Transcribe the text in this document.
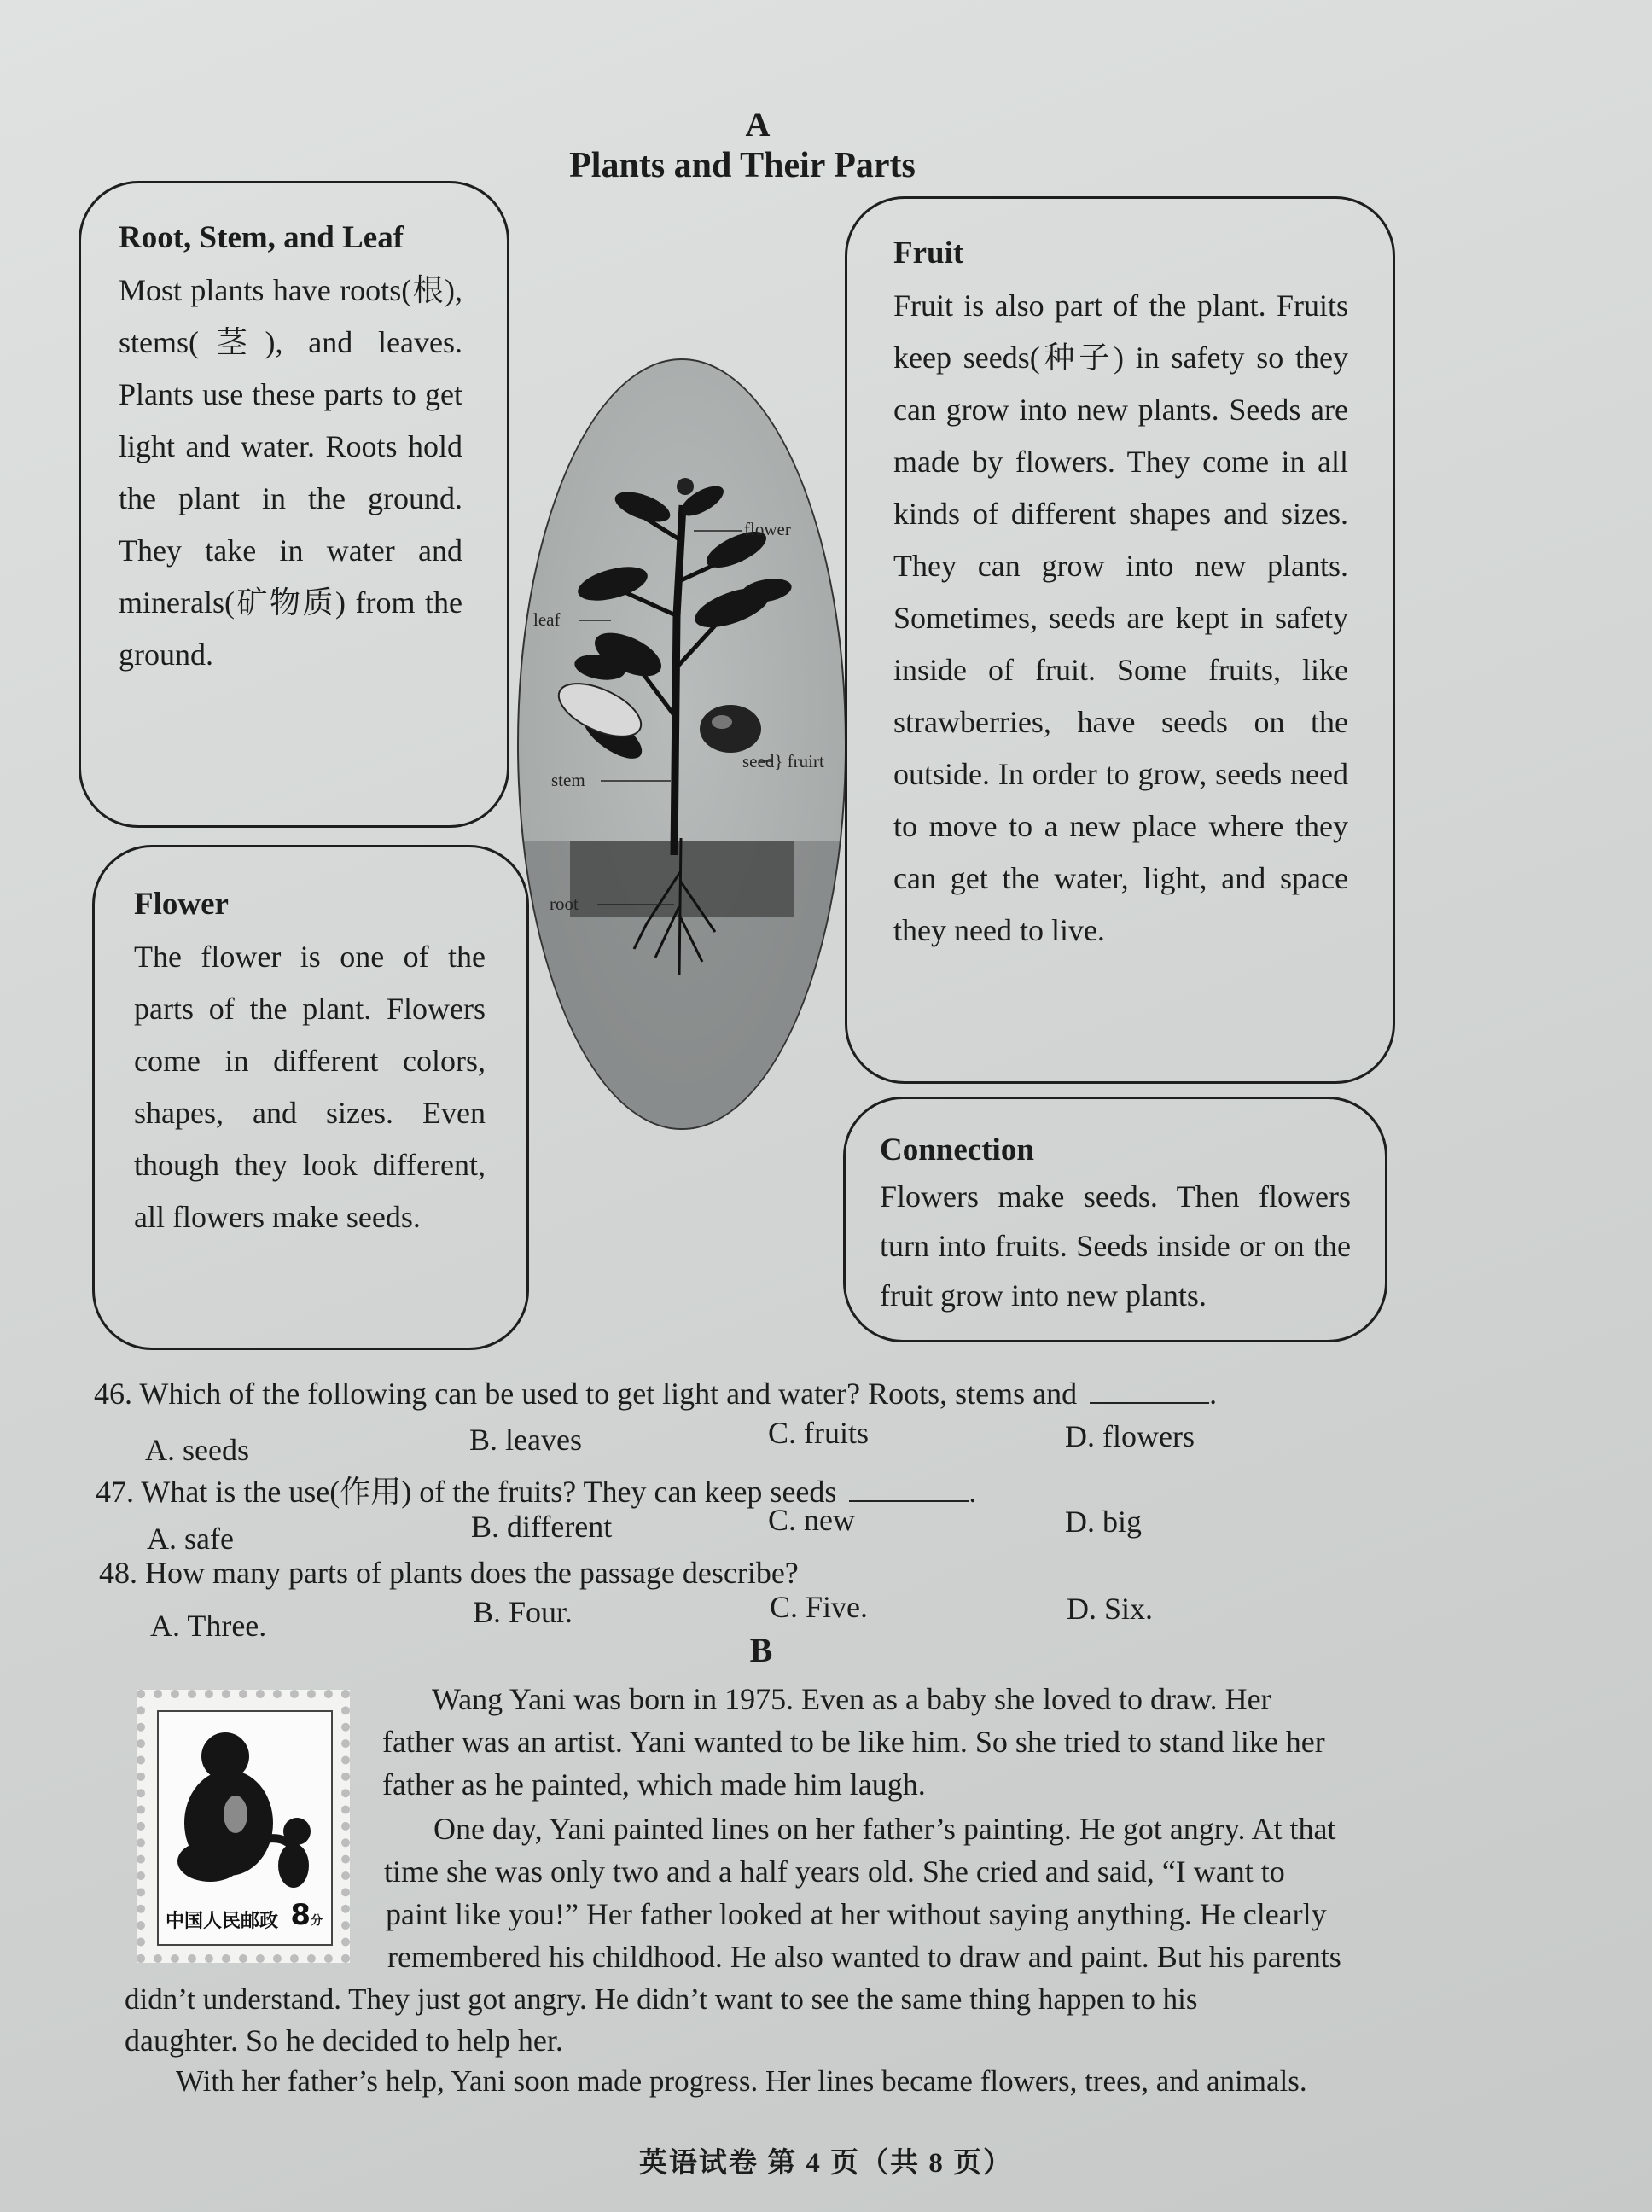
A
Plants and Their Parts
Root, Stem, and Leaf

Most plants have roots(根), stems(茎), and leaves. Plants use these parts to get light and water. Roots hold the plant in the ground. They take in water and minerals(矿物质) from the ground.

Flower

The flower is one of the parts of the plant. Flowers come in different colors, shapes, and sizes. Even though they look different, all flowers make seeds.

flower
leaf
seed} fruirt
stem
root
Fruit

Fruit is also part of the plant. Fruits keep seeds(种子) in safety so they can grow into new plants. Seeds are made by flowers. They come in all kinds of different shapes and sizes. They can grow into new plants. Sometimes, seeds are kept in safety inside of fruit. Some fruits, like strawberries, have seeds on the outside. In order to grow, seeds need to move to a new place where they can get the water, light, and space they need to live.

Connection

Flowers make seeds. Then flowers turn into fruits. Seeds inside or on the fruit grow into new plants.

46. Which of the following can be used to get light and water? Roots, stems and	.
A. seeds	B. leaves	C. fruits	D. flowers
47. What is the use(作用) of the fruits? They can keep seeds	.
A. safe	B. different	C. new	D. big
48. How many parts of plants does the passage describe?
A. Three.	B. Four.	C. Five.	D. Six.
B
中国人民邮政 8分
Wang Yani was born in 1975. Even as a baby she loved to draw. Her
father was an artist. Yani wanted to be like him. So she tried to stand like her
father as he painted, which made him laugh.
One day, Yani painted lines on her father’s painting. He got angry. At that
time she was only two and a half years old. She cried and said, “I want to
paint like you!” Her father looked at her without saying anything. He clearly
remembered his childhood. He also wanted to draw and paint. But his parents
didn’t understand. They just got angry. He didn’t want to see the same thing happen to his
daughter. So he decided to help her.
With her father’s help, Yani soon made progress. Her lines became flowers, trees, and animals.
英语试卷 第 4 页（共 8 页）
